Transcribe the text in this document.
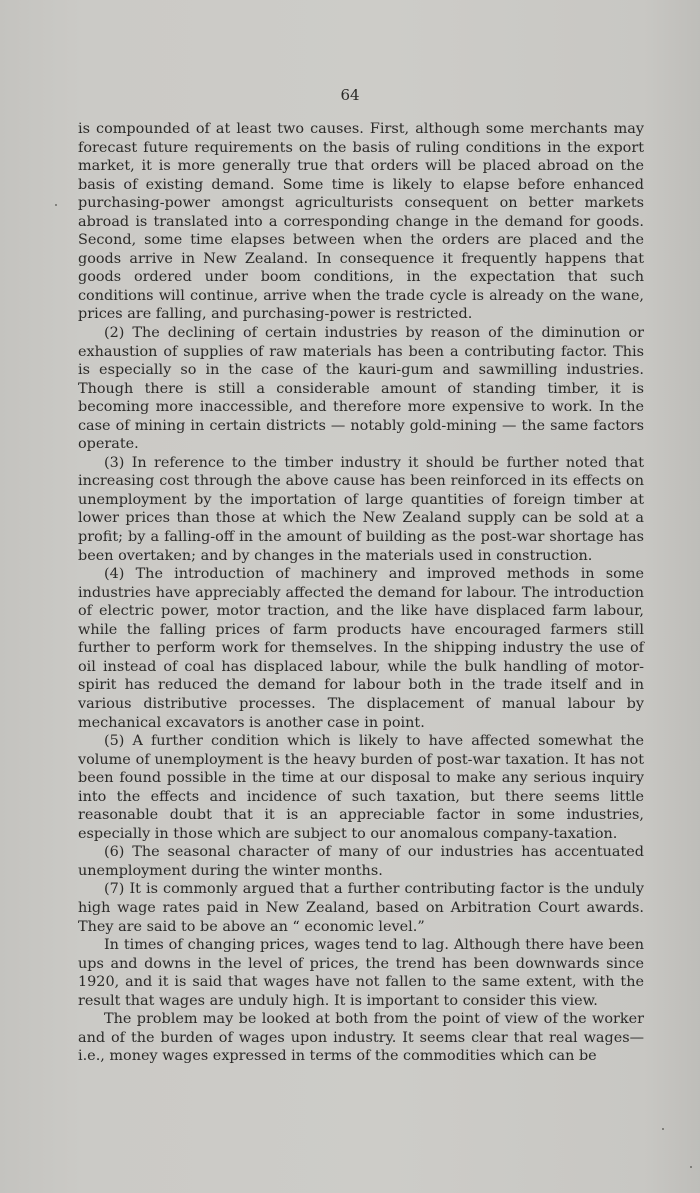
64

is compounded of at least two causes. First, although some merchants may forecast future requirements on the basis of ruling conditions in the export market, it is more generally true that orders will be placed abroad on the basis of existing demand. Some time is likely to elapse before enhanced purchasing-power amongst agriculturists consequent on better markets abroad is translated into a corresponding change in the demand for goods. Second, some time elapses between when the orders are placed and the goods arrive in New Zealand. In consequence it frequently happens that goods ordered under boom conditions, in the expectation that such conditions will continue, arrive when the trade cycle is already on the wane, prices are falling, and purchasing-power is restricted.

(2) The declining of certain industries by reason of the diminution or exhaustion of supplies of raw materials has been a contributing factor. This is especially so in the case of the kauri-gum and sawmilling industries. Though there is still a considerable amount of standing timber, it is becoming more inaccessible, and therefore more expensive to work. In the case of mining in certain districts — notably gold-mining — the same factors operate.

(3) In reference to the timber industry it should be further noted that increasing cost through the above cause has been reinforced in its effects on unemployment by the importation of large quantities of foreign timber at lower prices than those at which the New Zealand supply can be sold at a profit; by a falling-off in the amount of building as the post-war shortage has been overtaken; and by changes in the materials used in construction.

(4) The introduction of machinery and improved methods in some industries have appreciably affected the demand for labour. The introduction of electric power, motor traction, and the like have displaced farm labour, while the falling prices of farm products have encouraged farmers still further to perform work for themselves. In the shipping industry the use of oil instead of coal has displaced labour, while the bulk handling of motor-spirit has reduced the demand for labour both in the trade itself and in various distributive processes. The displacement of manual labour by mechanical excavators is another case in point.

(5) A further condition which is likely to have affected somewhat the volume of unemployment is the heavy burden of post-war taxation. It has not been found possible in the time at our disposal to make any serious inquiry into the effects and incidence of such taxation, but there seems little reasonable doubt that it is an appreciable factor in some industries, especially in those which are subject to our anomalous company-taxation.

(6) The seasonal character of many of our industries has accentuated unemployment during the winter months.

(7) It is commonly argued that a further contributing factor is the unduly high wage rates paid in New Zealand, based on Arbitration Court awards. They are said to be above an “ economic level.”

In times of changing prices, wages tend to lag. Although there have been ups and downs in the level of prices, the trend has been downwards since 1920, and it is said that wages have not fallen to the same extent, with the result that wages are unduly high. It is important to consider this view.

The problem may be looked at both from the point of view of the worker and of the burden of wages upon industry. It seems clear that real wages— i.e., money wages expressed in terms of the commodities which can be
